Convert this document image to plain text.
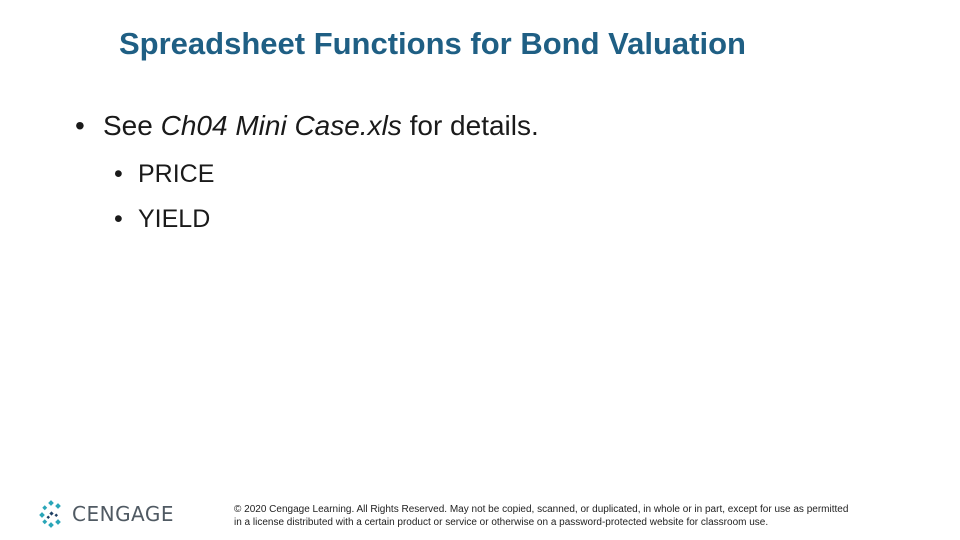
Spreadsheet Functions for Bond Valuation
• See Ch04 Mini Case.xls for details.
• PRICE
• YIELD
CENGAGE	© 2020 Cengage Learning. All Rights Reserved. May not be copied, scanned, or duplicated, in whole or in part, except for use as permitted
in a license distributed with a certain product or service or otherwise on a password-protected website for classroom use.
